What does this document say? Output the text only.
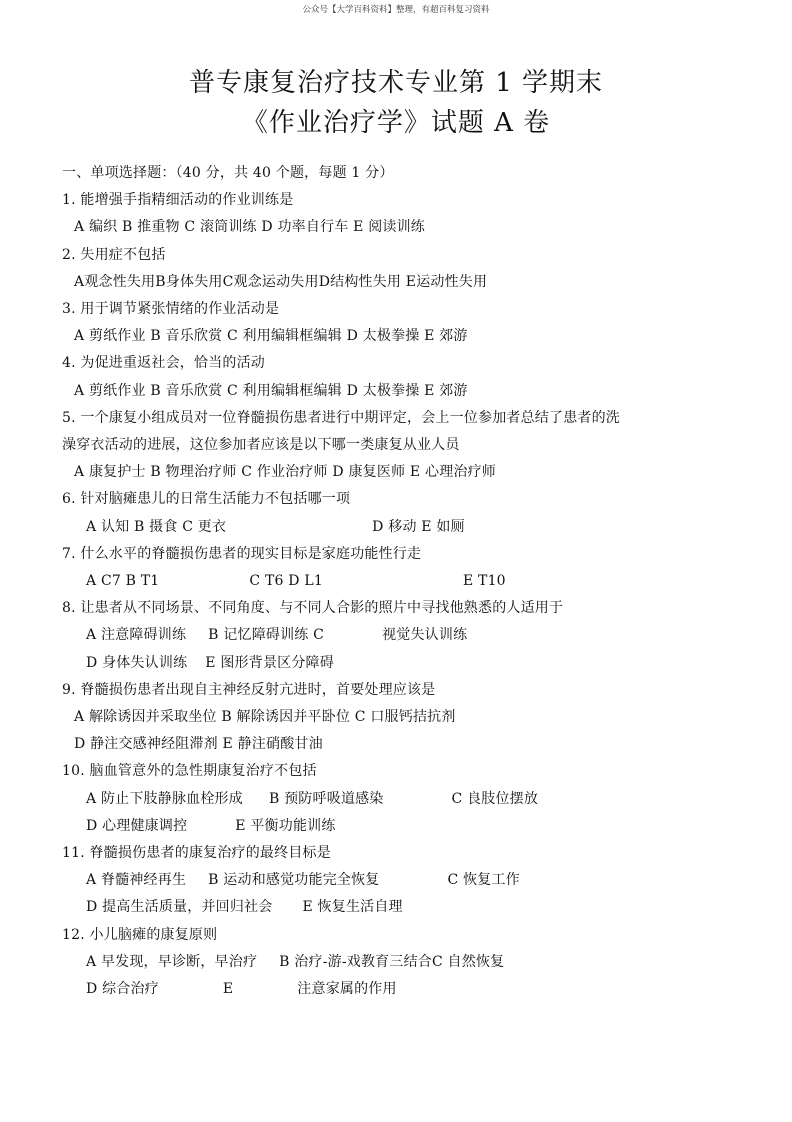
公众号【大学百科资料】整理，有超百科复习资料
普专康复治疗技术专业第 1 学期末
《作业治疗学》试题 A 卷
一、单项选择题：（40 分，共 40 个题，每题 1 分）
1. 能增强手指精细活动的作业训练是
A 编织 B 推重物 C 滚筒训练 D 功率自行车 E 阅读训练
2. 失用症不包括
A观念性失用B身体失用C观念运动失用D结构性失用 E运动性失用
3. 用于调节紧张情绪的作业活动是
A 剪纸作业 B 音乐欣赏 C 利用编辑框编辑 D 太极拳操 E 郊游
4. 为促进重返社会，恰当的活动
A 剪纸作业 B 音乐欣赏 C 利用编辑框编辑 D 太极拳操 E 郊游
5. 一个康复小组成员对一位脊髓损伤患者进行中期评定，会上一位参加者总结了患者的洗
澡穿衣活动的进展，这位参加者应该是以下哪一类康复从业人员
A 康复护士 B 物理治疗师 C 作业治疗师 D 康复医师 E 心理治疗师
6. 针对脑瘫患儿的日常生活能力不包括哪一项
A 认知 B 摄食 C 更衣	D 移动 E 如厕
7. 什么水平的脊髓损伤患者的现实目标是家庭功能性行走
A C7 B T1	C T6 D L1	E T10
8. 让患者从不同场景、不同角度、与不同人合影的照片中寻找他熟悉的人适用于
A 注意障碍训练 B 记忆障碍训练 C	视觉失认训练
D 身体失认训练 E 图形背景区分障碍
9. 脊髓损伤患者出现自主神经反射亢进时，首要处理应该是
A 解除诱因并采取坐位 B 解除诱因并平卧位 C 口服钙拮抗剂
D 静注交感神经阻滞剂 E 静注硝酸甘油
10. 脑血管意外的急性期康复治疗不包括
A 防止下肢静脉血栓形成 B 预防呼吸道感染	C 良肢位摆放
D 心理健康调控	E 平衡功能训练
11. 脊髓损伤患者的康复治疗的最终目标是
A 脊髓神经再生 B 运动和感觉功能完全恢复	C 恢复工作
D 提高生活质量，并回归社会 E 恢复生活自理
12. 小儿脑瘫的康复原则
A 早发现，早诊断，早治疗 B 治疗-游-戏教育三结合C 自然恢复
D 综合治疗	E	注意家属的作用
